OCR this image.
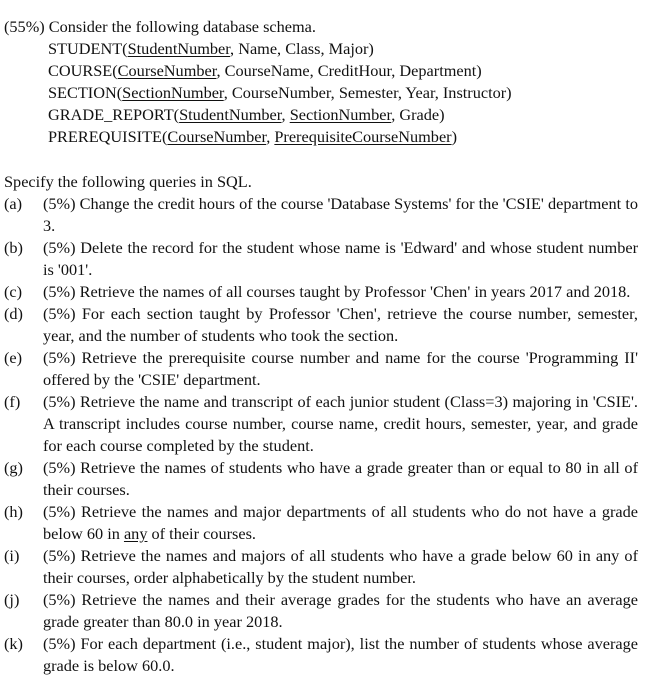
(55%) Consider the following database schema.
STUDENT(StudentNumber, Name, Class, Major)
COURSE(CourseNumber, CourseName, CreditHour, Department)
SECTION(SectionNumber, CourseNumber, Semester, Year, Instructor)
GRADE_REPORT(StudentNumber, SectionNumber, Grade)
PREREQUISITE(CourseNumber, PrerequisiteCourseNumber)
Specify the following queries in SQL.
(a)	(5%) Change the credit hours of the course 'Database Systems' for the 'CSIE' department to 3.
(b)	(5%) Delete the record for the student whose name is 'Edward' and whose student number is '001'.
(c)	(5%) Retrieve the names of all courses taught by Professor 'Chen' in years 2017 and 2018.
(d)	(5%) For each section taught by Professor 'Chen', retrieve the course number, semester, year, and the number of students who took the section.
(e)	(5%) Retrieve the prerequisite course number and name for the course 'Programming II' offered by the 'CSIE' department.
(f)	(5%) Retrieve the name and transcript of each junior student (Class=3) majoring in 'CSIE'. A transcript includes course number, course name, credit hours, semester, year, and grade for each course completed by the student.
(g)	(5%) Retrieve the names of students who have a grade greater than or equal to 80 in all of their courses.
(h)	(5%) Retrieve the names and major departments of all students who do not have a grade below 60 in any of their courses.
(i)	(5%) Retrieve the names and majors of all students who have a grade below 60 in any of their courses, order alphabetically by the student number.
(j)	(5%) Retrieve the names and their average grades for the students who have an average grade greater than 80.0 in year 2018.
(k)	(5%) For each department (i.e., student major), list the number of students whose average grade is below 60.0.
